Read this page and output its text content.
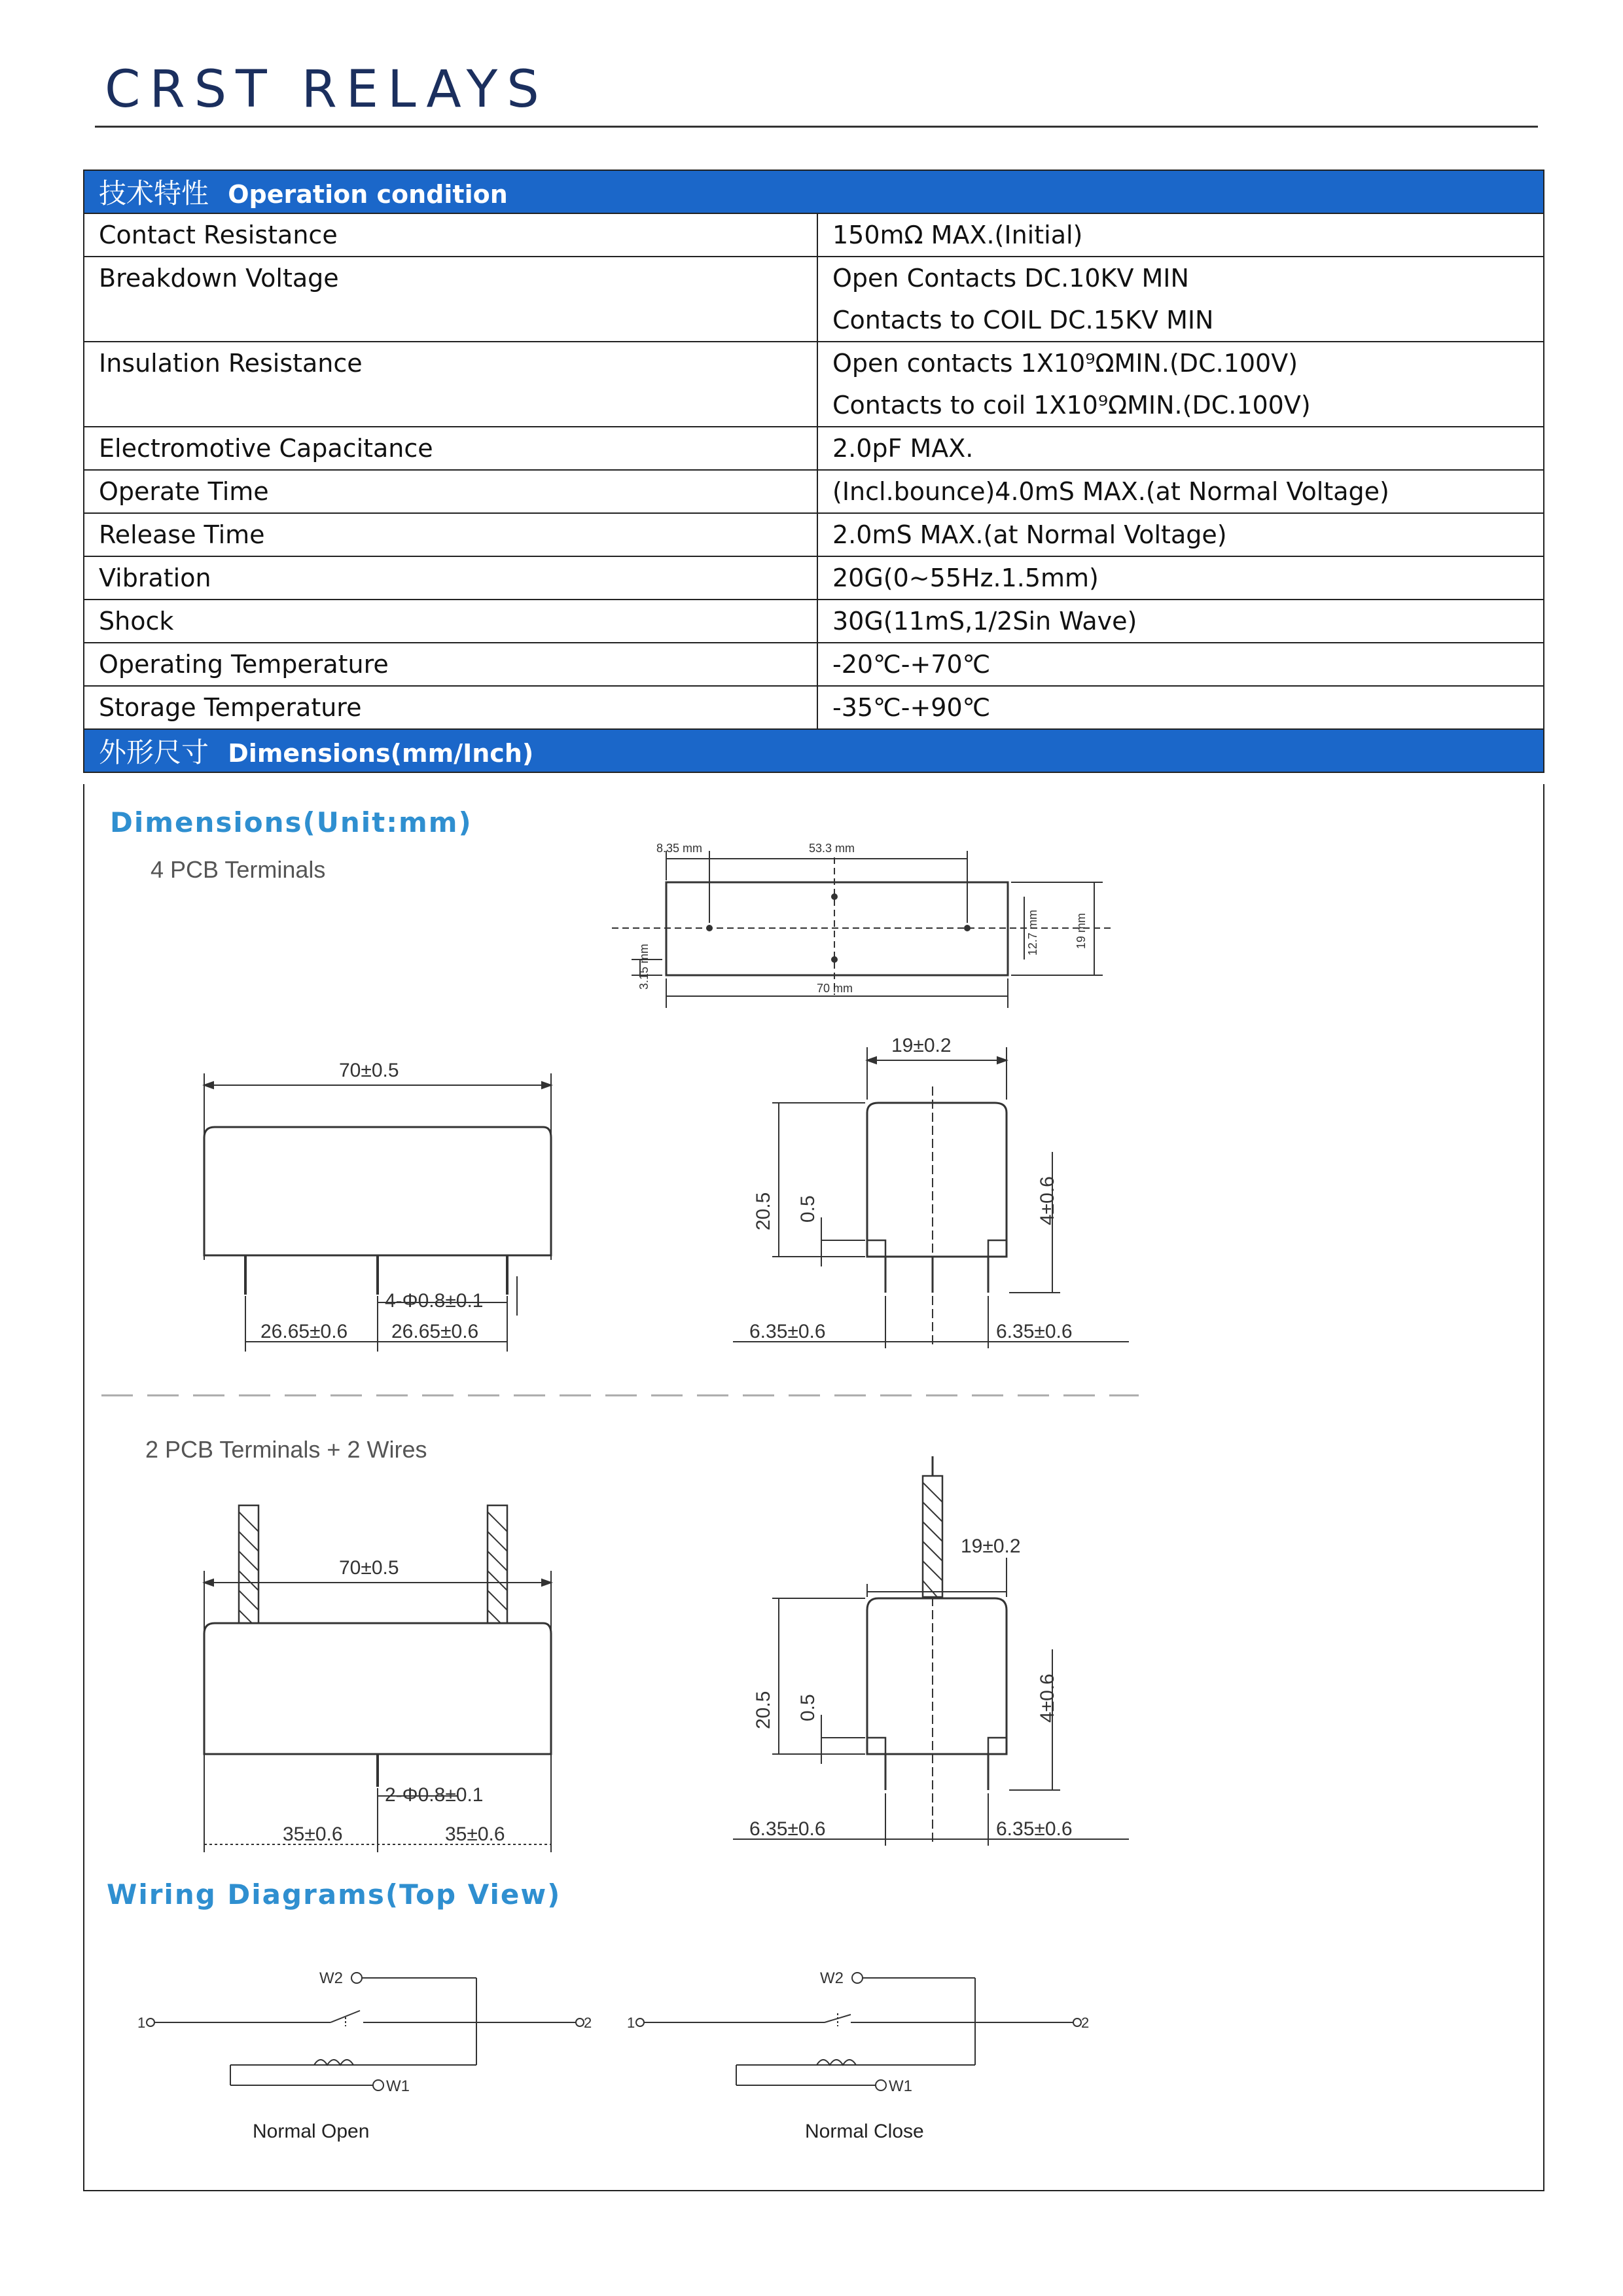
CRST RELAYS
技术特性 Operation condition	
Contact Resistance	150mΩ MAX.(Initial)

Breakdown Voltage	Open Contacts DC.10KV MIN
Contacts to COIL DC.15KV MIN

Insulation Resistance	Open contacts 1X10⁹ΩMIN.(DC.100V)
Contacts to coil 1X10⁹ΩMIN.(DC.100V)

Electromotive Capacitance	2.0pF MAX.
Operate Time	(Incl.bounce)4.0mS MAX.(at Normal Voltage)
Release Time	2.0mS MAX.(at Normal Voltage)
Vibration	20G(0~55Hz.1.5mm)
Shock	30G(11mS,1/2Sin Wave)
Operating Temperature	-20℃-+70℃
Storage Temperature	-35℃-+90℃
外形尺寸 Dimensions(mm/Inch)	
Dimensions(Unit:mm)
4 PCB Terminals
2 PCB Terminals + 2 Wires
Wiring Diagrams(Top View)
8.35 mm	53.3 mm
70 mm
12.7 mm	19 mm
3.15 mm
70±0.5
4-Φ0.8±0.1
26.65±0.6 26.65±0.6
19±0.2
20.5 0.5	4±0.6
6.35±0.6	6.35±0.6
70±0.5
2-Φ0.8±0.1
35±0.6	35±0.6
19±0.2
20.5 0.5	4±0.6
6.35±0.6	6.35±0.6
1	2
W2
W1
Normal Open
1	2
W2
W1
Normal Close
